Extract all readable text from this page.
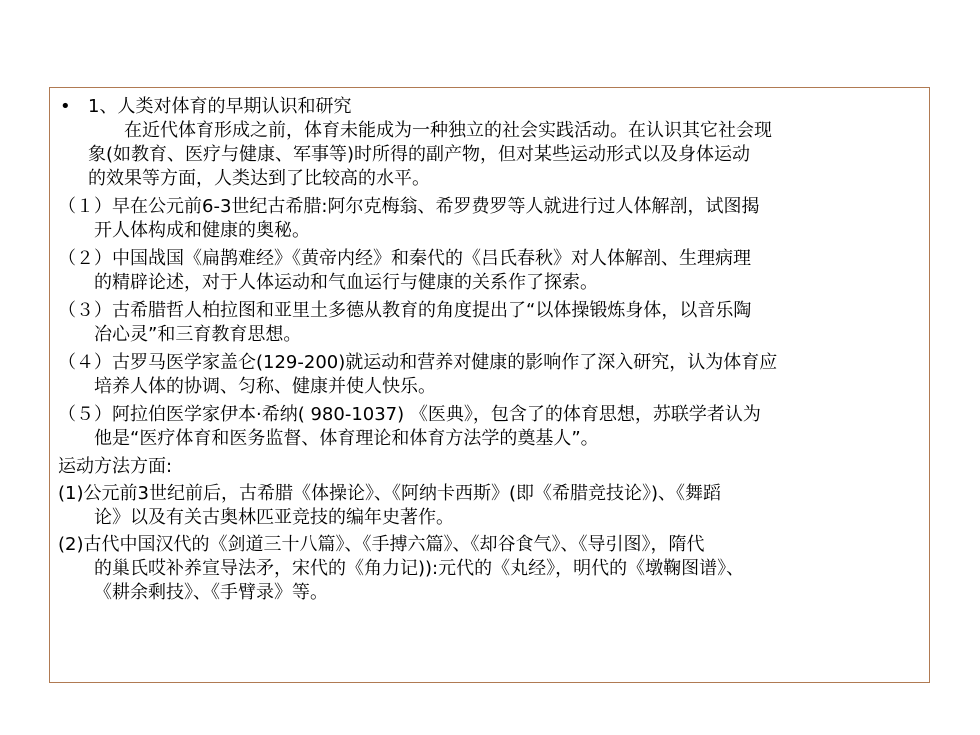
• 1、人类对体育的早期认识和研究

在近代体育形成之前，体育未能成为一种独立的社会实践活动。在认识其它社会现

象(如教育、医疗与健康、军事等)时所得的副产物，但对某些运动形式以及身体运动

的效果等方面，人类达到了比较高的水平。

（１）早在公元前6-3世纪古希腊:阿尔克梅翁、希罗费罗等人就进行过人体解剖，试图揭

开人体构成和健康的奥秘。

（２）中国战国《扁鹊难经》《黄帝内经》和秦代的《吕氏春秋》对人体解剖、生理病理

的精辟论述，对于人体运动和气血运行与健康的关系作了探索。

（３）古希腊哲人柏拉图和亚里土多德从教育的角度提出了“以体操锻炼身体，以音乐陶

冶心灵”和三育教育思想。

（４）古罗马医学家盖仑(129-200)就运动和营养对健康的影响作了深入研究，认为体育应

培养人体的协调、匀称、健康并使人快乐。

（５）阿拉伯医学家伊本·希纳( 980-1037) 《医典》，包含了的体育思想，苏联学者认为

他是“医疗体育和医务监督、体育理论和体育方法学的奠基人”。

运动方法方面:

(1)公元前3世纪前后，古希腊《体操论》、《阿纳卡西斯》(即《希腊竞技论》)、《舞蹈

论》以及有关古奥林匹亚竞技的编年史著作。

(2)古代中国汉代的《剑道三十八篇》、《手搏六篇》、《却谷食气》、《导引图》，隋代

的巢氏哎补养宣导法矛，宋代的《角力记)):元代的《丸经》，明代的《墩鞠图谱》、

《耕余剩技》、《手臂录》等。
